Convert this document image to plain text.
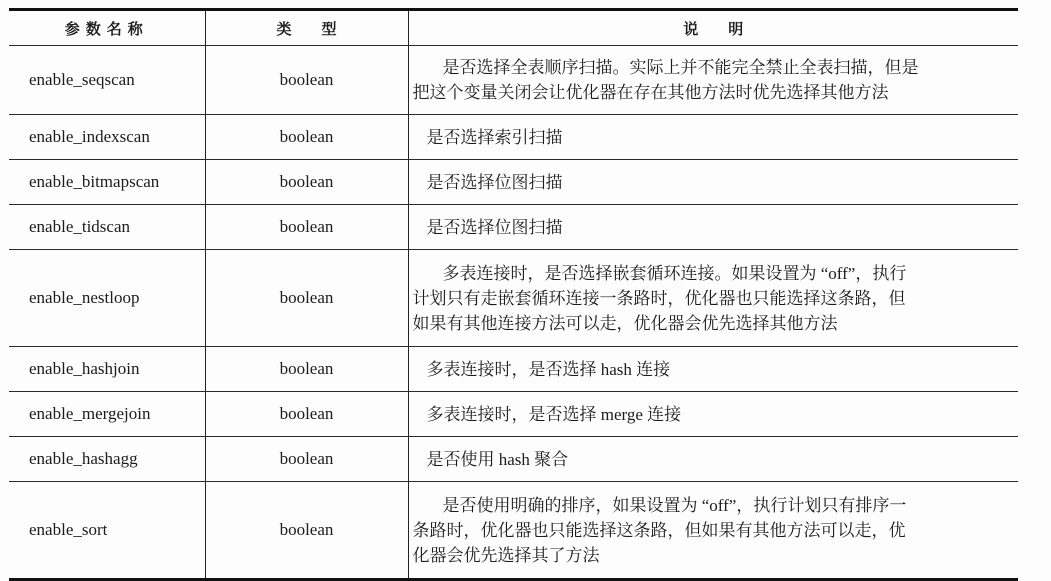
参数名称	类型	说明
enable_seqscan	boolean	是否选择全表顺序扫描。实际上并不能完全禁止全表扫描，但是
把这个变量关闭会让优化器在存在其他方法时优先选择其他方法

enable_indexscan	boolean	是否选择索引扫描

enable_bitmapscan	boolean	是否选择位图扫描

enable_tidscan	boolean	是否选择位图扫描

enable_nestloop	boolean	多表连接时，是否选择嵌套循环连接。如果设置为 “off”，执行
计划只有走嵌套循环连接一条路时，优化器也只能选择这条路，但
如果有其他连接方法可以走，优化器会优先选择其他方法

enable_hashjoin	boolean	多表连接时，是否选择 hash 连接

enable_mergejoin	boolean	多表连接时，是否选择 merge 连接

enable_hashagg	boolean	是否使用 hash 聚合

enable_sort	boolean	是否使用明确的排序，如果设置为 “off”，执行计划只有排序一
条路时，优化器也只能选择这条路，但如果有其他方法可以走，优
化器会优先选择其了方法
